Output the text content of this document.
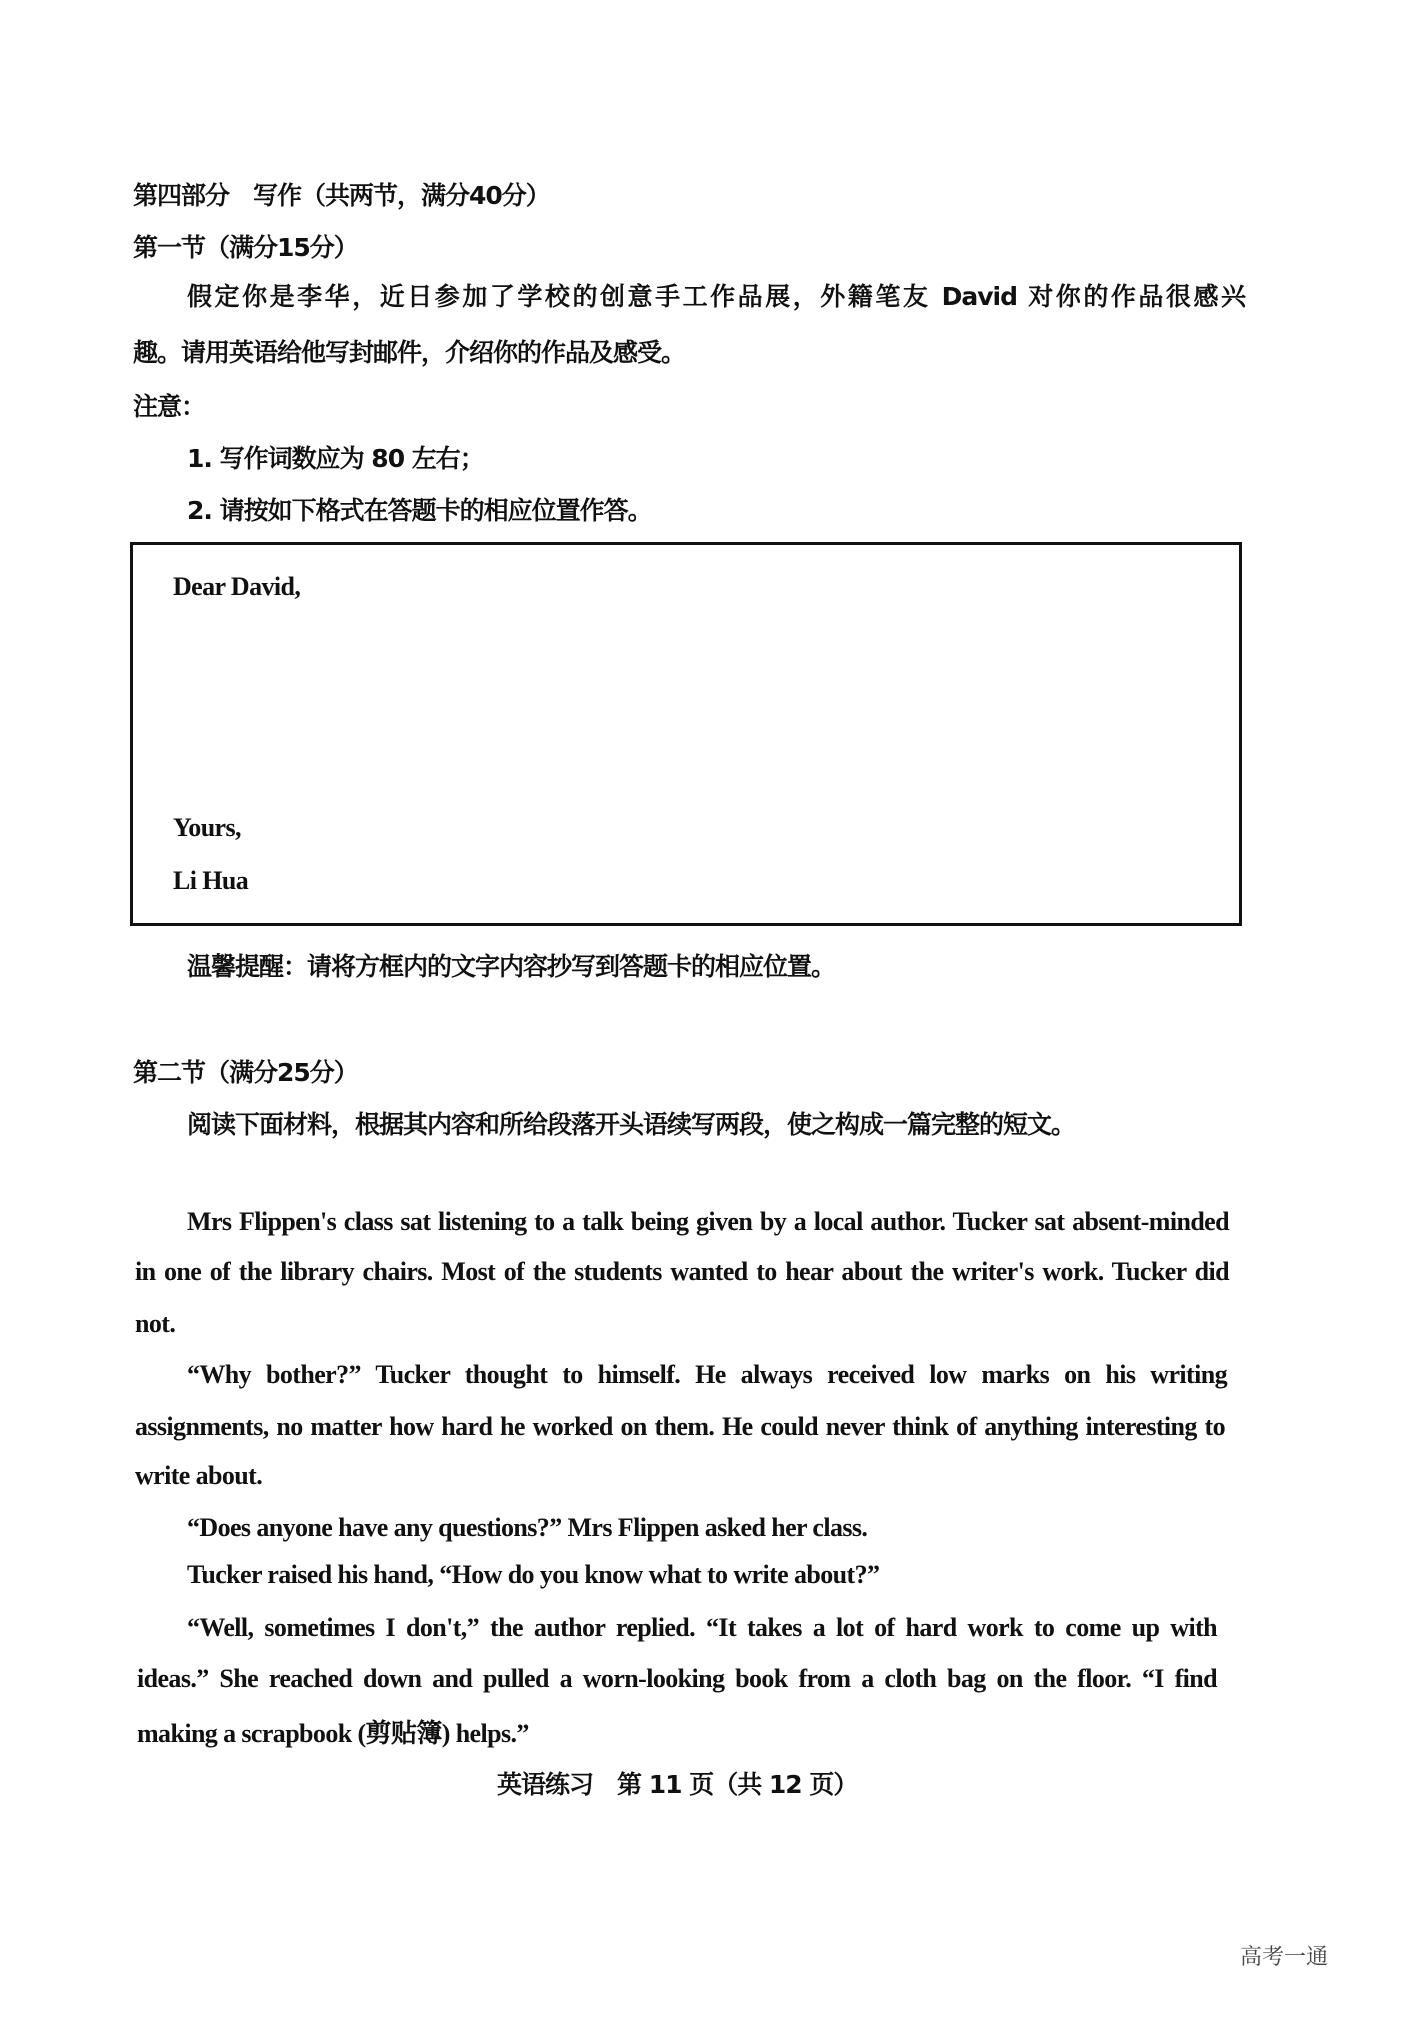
第四部分　写作（共两节，满分40分）
第一节（满分15分）
假定你是李华，近日参加了学校的创意手工作品展，外籍笔友 David 对你的作品很感兴
趣。请用英语给他写封邮件，介绍你的作品及感受。
注意：
1. 写作词数应为 80 左右；
2. 请按如下格式在答题卡的相应位置作答。
Dear David,
Yours,
Li Hua
温馨提醒：请将方框内的文字内容抄写到答题卡的相应位置。
第二节（满分25分）
阅读下面材料，根据其内容和所给段落开头语续写两段，使之构成一篇完整的短文。
Mrs Flippen's class sat listening to a talk being given by a local author. Tucker sat absent-minded
in one of the library chairs. Most of the students wanted to hear about the writer's work. Tucker did
not.
“Why bother?” Tucker thought to himself. He always received low marks on his writing
assignments, no matter how hard he worked on them. He could never think of anything interesting to
write about.
“Does anyone have any questions?” Mrs Flippen asked her class.
Tucker raised his hand, “How do you know what to write about?”
“Well, sometimes I don't,” the author replied. “It takes a lot of hard work to come up with
ideas.” She reached down and pulled a worn-looking book from a cloth bag on the floor. “I find
making a scrapbook (剪贴簿) helps.”
英语练习　第 11 页（共 12 页）
高考一通
